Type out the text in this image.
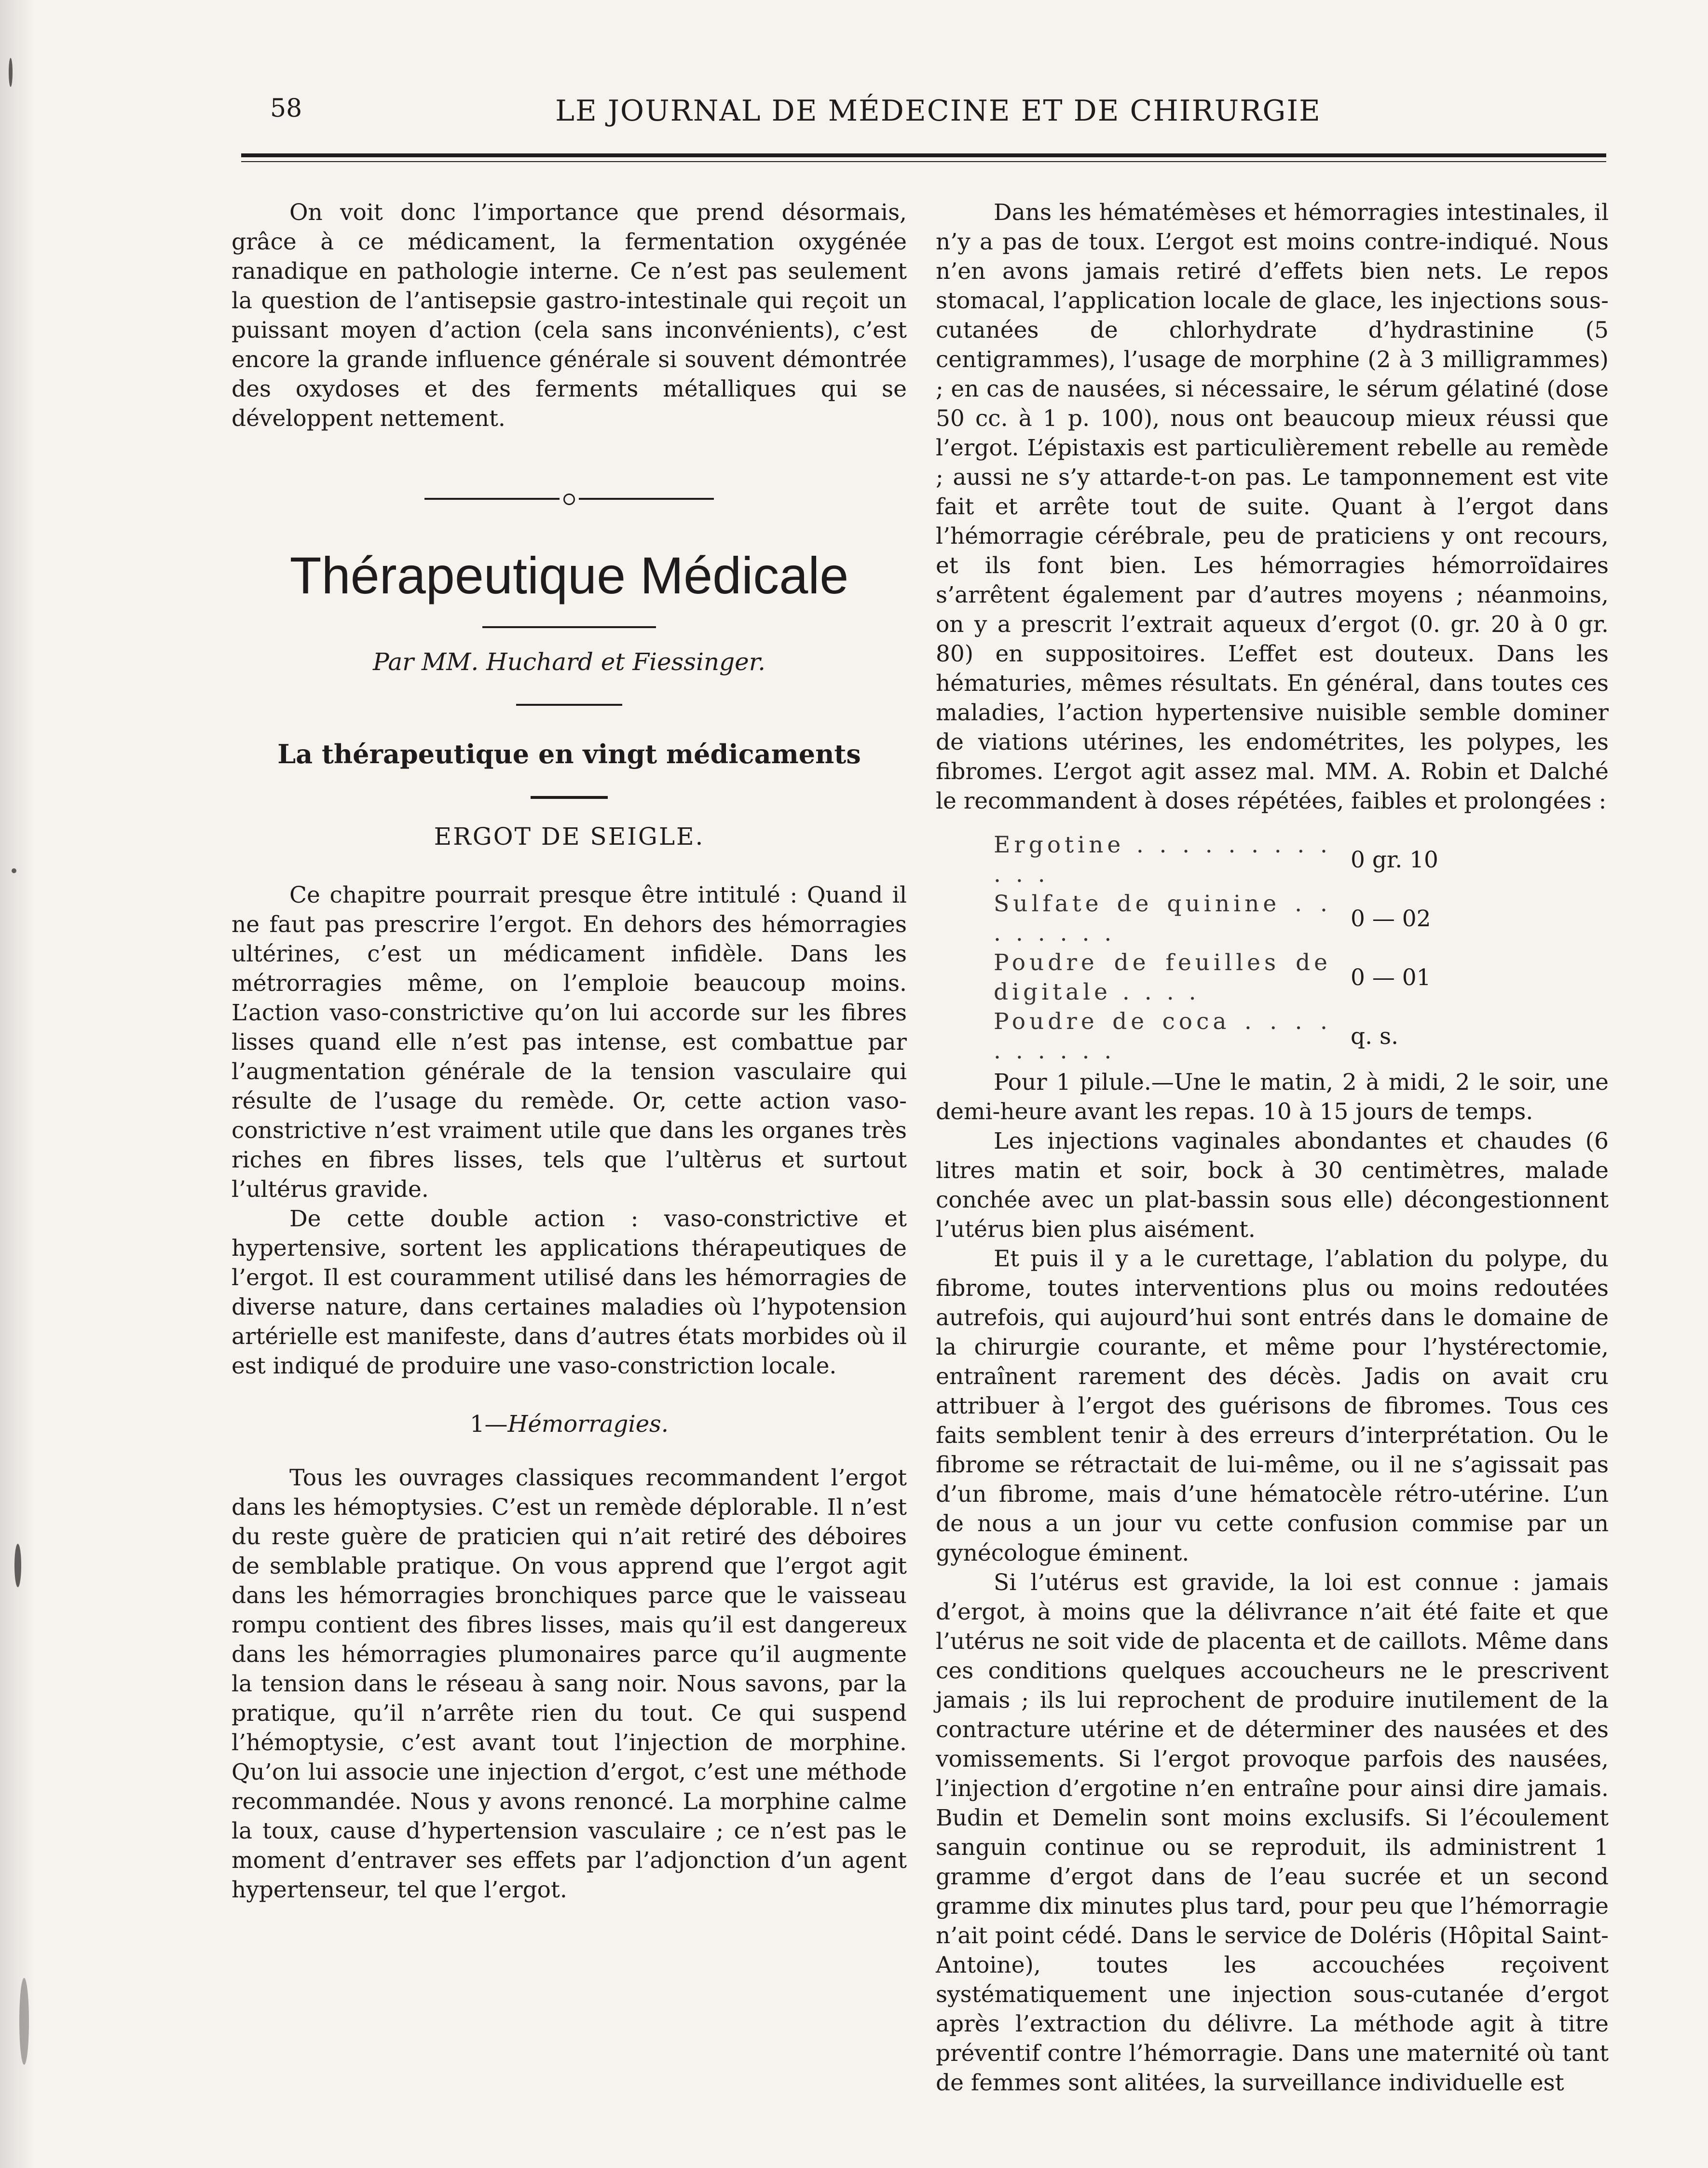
58	LE JOURNAL DE MÉDECINE ET DE CHIRURGIE

On voit donc l’importance que prend désormais, grâce à ce médicament, la fermentation oxygénée ranadique en pathologie interne. Ce n’est pas seulement la question de l’antisepsie gastro-intestinale qui reçoit un puissant moyen d’action (cela sans inconvénients), c’est encore la grande influence générale si souvent démontrée des oxydoses et des ferments métalliques qui se développent nettement.

Thérapeutique Médicale
Par MM. Huchard et Fiessinger.
La thérapeutique en vingt médicaments
ERGOT DE SEIGLE.

Ce chapitre pourrait presque être intitulé : Quand il ne faut pas prescrire l’ergot. En dehors des hémorragies ultérines, c’est un médicament infidèle. Dans les métrorragies même, on l’emploie beaucoup moins. L’action vaso-constrictive qu’on lui accorde sur les fibres lisses quand elle n’est pas intense, est combattue par l’augmentation générale de la tension vasculaire qui résulte de l’usage du remède. Or, cette action vaso-constrictive n’est vraiment utile que dans les organes très riches en fibres lisses, tels que l’ultèrus et surtout l’ultérus gravide.

De cette double action : vaso-constrictive et hypertensive, sortent les applications thérapeutiques de l’ergot. Il est couramment utilisé dans les hémorragies de diverse nature, dans certaines maladies où l’hypotension artérielle est manifeste, dans d’autres états morbides où il est indiqué de produire une vaso-constriction locale.

1—Hémorragies.

Tous les ouvrages classiques recommandent l’ergot dans les hémoptysies. C’est un remède déplorable. Il n’est du reste guère de praticien qui n’ait retiré des déboires de semblable pratique. On vous apprend que l’ergot agit dans les hémorragies bronchiques parce que le vaisseau rompu contient des fibres lisses, mais qu’il est dangereux dans les hémorragies plumonaires parce qu’il augmente la tension dans le réseau à sang noir. Nous savons, par la pratique, qu’il n’arrête rien du tout. Ce qui suspend l’hémoptysie, c’est avant tout l’injection de morphine. Qu’on lui associe une injection d’ergot, c’est une méthode recommandée. Nous y avons renoncé. La morphine calme la toux, cause d’hypertension vasculaire ; ce n’est pas le moment d’entraver ses effets par l’adjonction d’un agent hypertenseur, tel que l’ergot.

Dans les hématémèses et hémorragies intestinales, il n’y a pas de toux. L’ergot est moins contre-indiqué. Nous n’en avons jamais retiré d’effets bien nets. Le repos stomacal, l’application locale de glace, les injections sous-cutanées de chlorhydrate d’hydrastinine (5 centigrammes), l’usage de morphine (2 à 3 milligrammes) ; en cas de nausées, si nécessaire, le sérum gélatiné (dose 50 cc. à 1 p. 100), nous ont beaucoup mieux réussi que l’ergot. L’épistaxis est particulièrement rebelle au remède ; aussi ne s’y attarde-t-on pas. Le tamponnement est vite fait et arrête tout de suite. Quant à l’ergot dans l’hémorragie cérébrale, peu de praticiens y ont recours, et ils font bien. Les hémorragies hémorroïdaires s’arrêtent également par d’autres moyens ; néanmoins, on y a prescrit l’extrait aqueux d’ergot (0. gr. 20 à 0 gr. 80) en suppositoires. L’effet est douteux. Dans les hématuries, mêmes résultats. En général, dans toutes ces maladies, l’action hypertensive nuisible semble dominer de viations utérines, les endométrites, les polypes, les fibromes. L’ergot agit assez mal. MM. A. Robin et Dalché le recommandent à doses répétées, faibles et prolongées :

Ergotine . . . . . . . . . . . .	0 gr. 10
Sulfate de quinine . . . . . . . .	0 — 02
Poudre de feuilles de digitale . . . .	0 — 01
Poudre de coca . . . . . . . . . .	q. s.

Pour 1 pilule.—Une le matin, 2 à midi, 2 le soir, une demi-heure avant les repas. 10 à 15 jours de temps.

Les injections vaginales abondantes et chaudes (6 litres matin et soir, bock à 30 centimètres, malade conchée avec un plat-bassin sous elle) décongestionnent l’utérus bien plus aisément.

Et puis il y a le curettage, l’ablation du polype, du fibrome, toutes interventions plus ou moins redoutées autrefois, qui aujourd’hui sont entrés dans le domaine de la chirurgie courante, et même pour l’hystérectomie, entraînent rarement des décès. Jadis on avait cru attribuer à l’ergot des guérisons de fibromes. Tous ces faits semblent tenir à des erreurs d’interprétation. Ou le fibrome se rétractait de lui-même, ou il ne s’agissait pas d’un fibrome, mais d’une hématocèle rétro-utérine. L’un de nous a un jour vu cette confusion commise par un gynécologue éminent.

Si l’utérus est gravide, la loi est connue : jamais d’ergot, à moins que la délivrance n’ait été faite et que l’utérus ne soit vide de placenta et de caillots. Même dans ces conditions quelques accoucheurs ne le prescrivent jamais ; ils lui reprochent de produire inutilement de la contracture utérine et de déterminer des nausées et des vomissements. Si l’ergot provoque parfois des nausées, l’injection d’ergotine n’en entraîne pour ainsi dire jamais. Budin et Demelin sont moins exclusifs. Si l’écoulement sanguin continue ou se reproduit, ils administrent 1 gramme d’ergot dans de l’eau sucrée et un second gramme dix minutes plus tard, pour peu que l’hémorragie n’ait point cédé. Dans le service de Doléris (Hôpital Saint-Antoine), toutes les accouchées reçoivent systématiquement une injection sous-cutanée d’ergot après l’extraction du délivre. La méthode agit à titre préventif contre l’hémorragie. Dans une maternité où tant de femmes sont alitées, la surveillance individuelle est
